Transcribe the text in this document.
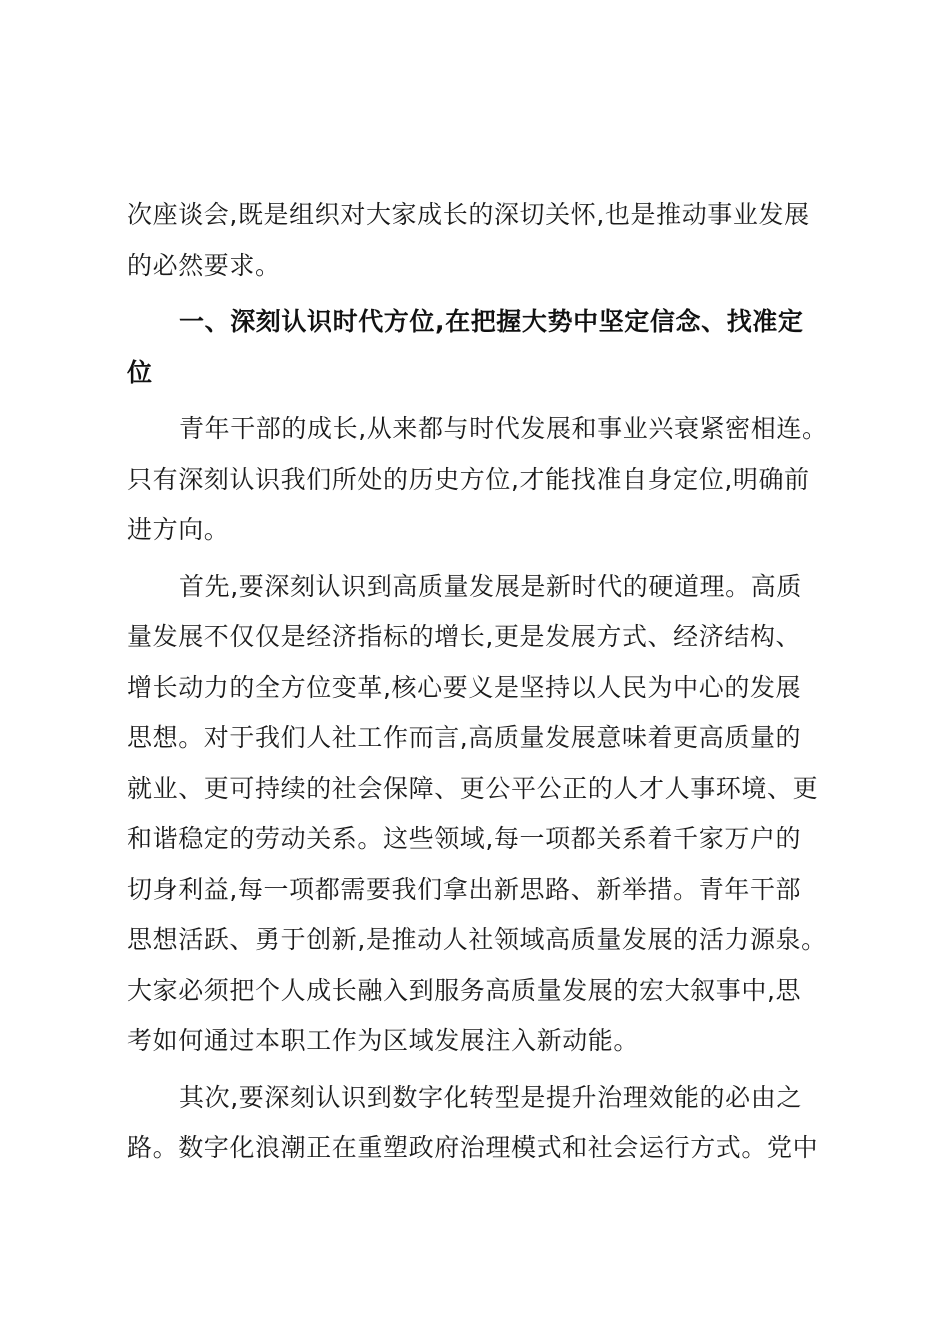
次座谈会,既是组织对大家成长的深切关怀,也是推动事业发展
的必然要求。

一、深刻认识时代方位,在把握大势中坚定信念、找准定
位

青年干部的成长,从来都与时代发展和事业兴衰紧密相连。
只有深刻认识我们所处的历史方位,才能找准自身定位,明确前
进方向。

首先,要深刻认识到高质量发展是新时代的硬道理。高质
量发展不仅仅是经济指标的增长,更是发展方式、经济结构、
增长动力的全方位变革,核心要义是坚持以人民为中心的发展
思想。对于我们人社工作而言,高质量发展意味着更高质量的
就业、更可持续的社会保障、更公平公正的人才人事环境、更
和谐稳定的劳动关系。这些领域,每一项都关系着千家万户的
切身利益,每一项都需要我们拿出新思路、新举措。青年干部
思想活跃、勇于创新,是推动人社领域高质量发展的活力源泉。
大家必须把个人成长融入到服务高质量发展的宏大叙事中,思
考如何通过本职工作为区域发展注入新动能。

其次,要深刻认识到数字化转型是提升治理效能的必由之
路。数字化浪潮正在重塑政府治理模式和社会运行方式。党中
